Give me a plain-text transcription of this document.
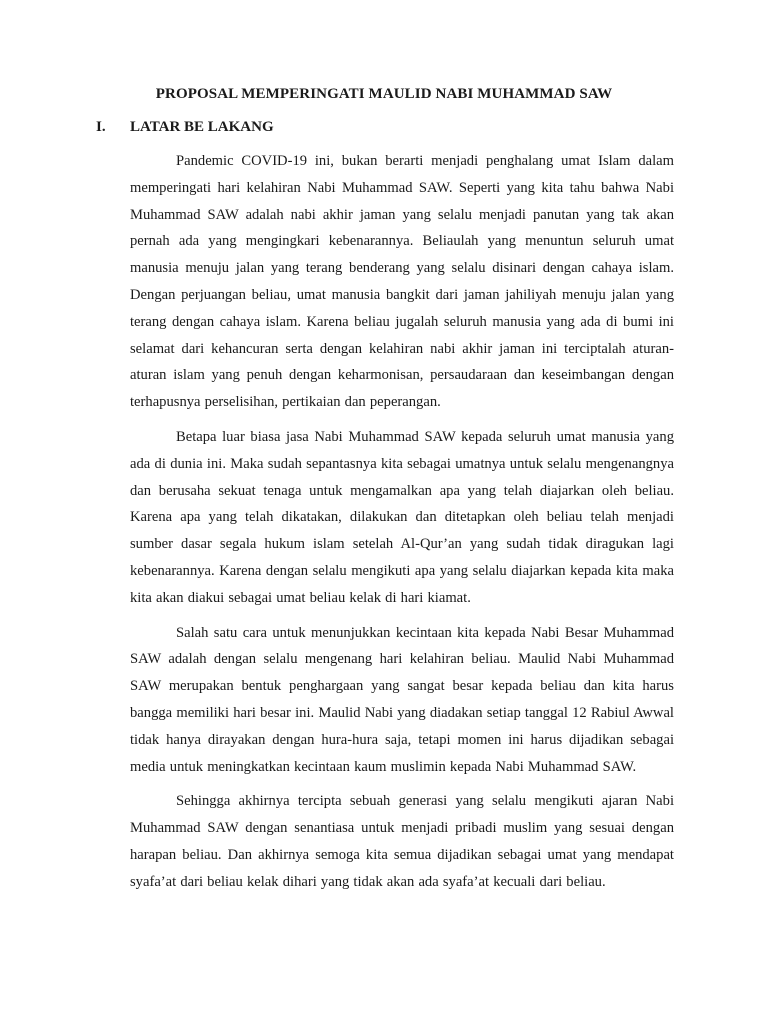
PROPOSAL MEMPERINGATI MAULID NABI MUHAMMAD SAW
I.	LATAR BE LAKANG

Pandemic COVID-19 ini, bukan berarti menjadi penghalang umat Islam dalam memperingati hari kelahiran Nabi Muhammad SAW. Seperti yang kita tahu bahwa Nabi Muhammad SAW adalah nabi akhir jaman yang selalu menjadi panutan yang tak akan pernah ada yang mengingkari kebenarannya. Beliaulah yang menuntun seluruh umat manusia menuju jalan yang terang benderang yang selalu disinari dengan cahaya islam. Dengan perjuangan beliau, umat manusia bangkit dari jaman jahiliyah menuju jalan yang terang dengan cahaya islam. Karena beliau jugalah seluruh manusia yang ada di bumi ini selamat dari kehancuran serta dengan kelahiran nabi akhir jaman ini terciptalah aturan-aturan islam yang penuh dengan keharmonisan, persaudaraan dan keseimbangan dengan terhapusnya perselisihan, pertikaian dan peperangan.

Betapa luar biasa jasa Nabi Muhammad SAW kepada seluruh umat manusia yang ada di dunia ini. Maka sudah sepantasnya kita sebagai umatnya untuk selalu mengenangnya dan berusaha sekuat tenaga untuk mengamalkan apa yang telah diajarkan oleh beliau. Karena apa yang telah dikatakan, dilakukan dan ditetapkan oleh beliau telah menjadi sumber dasar segala hukum islam setelah Al-Qur’an yang sudah tidak diragukan lagi kebenarannya. Karena dengan selalu mengikuti apa yang selalu diajarkan kepada kita maka kita akan diakui sebagai umat beliau kelak di hari kiamat.

Salah satu cara untuk menunjukkan kecintaan kita kepada Nabi Besar Muhammad SAW adalah dengan selalu mengenang hari kelahiran beliau. Maulid Nabi Muhammad SAW merupakan bentuk penghargaan yang sangat besar kepada beliau dan kita harus bangga memiliki hari besar ini. Maulid Nabi yang diadakan setiap tanggal 12 Rabiul Awwal tidak hanya dirayakan dengan hura-hura saja, tetapi momen ini harus dijadikan sebagai media untuk meningkatkan kecintaan kaum muslimin kepada Nabi Muhammad SAW.

Sehingga akhirnya tercipta sebuah generasi yang selalu mengikuti ajaran Nabi Muhammad SAW dengan senantiasa untuk menjadi pribadi muslim yang sesuai dengan harapan beliau. Dan akhirnya semoga kita semua dijadikan sebagai umat yang mendapat syafa’at dari beliau kelak dihari yang tidak akan ada syafa’at kecuali dari beliau.
